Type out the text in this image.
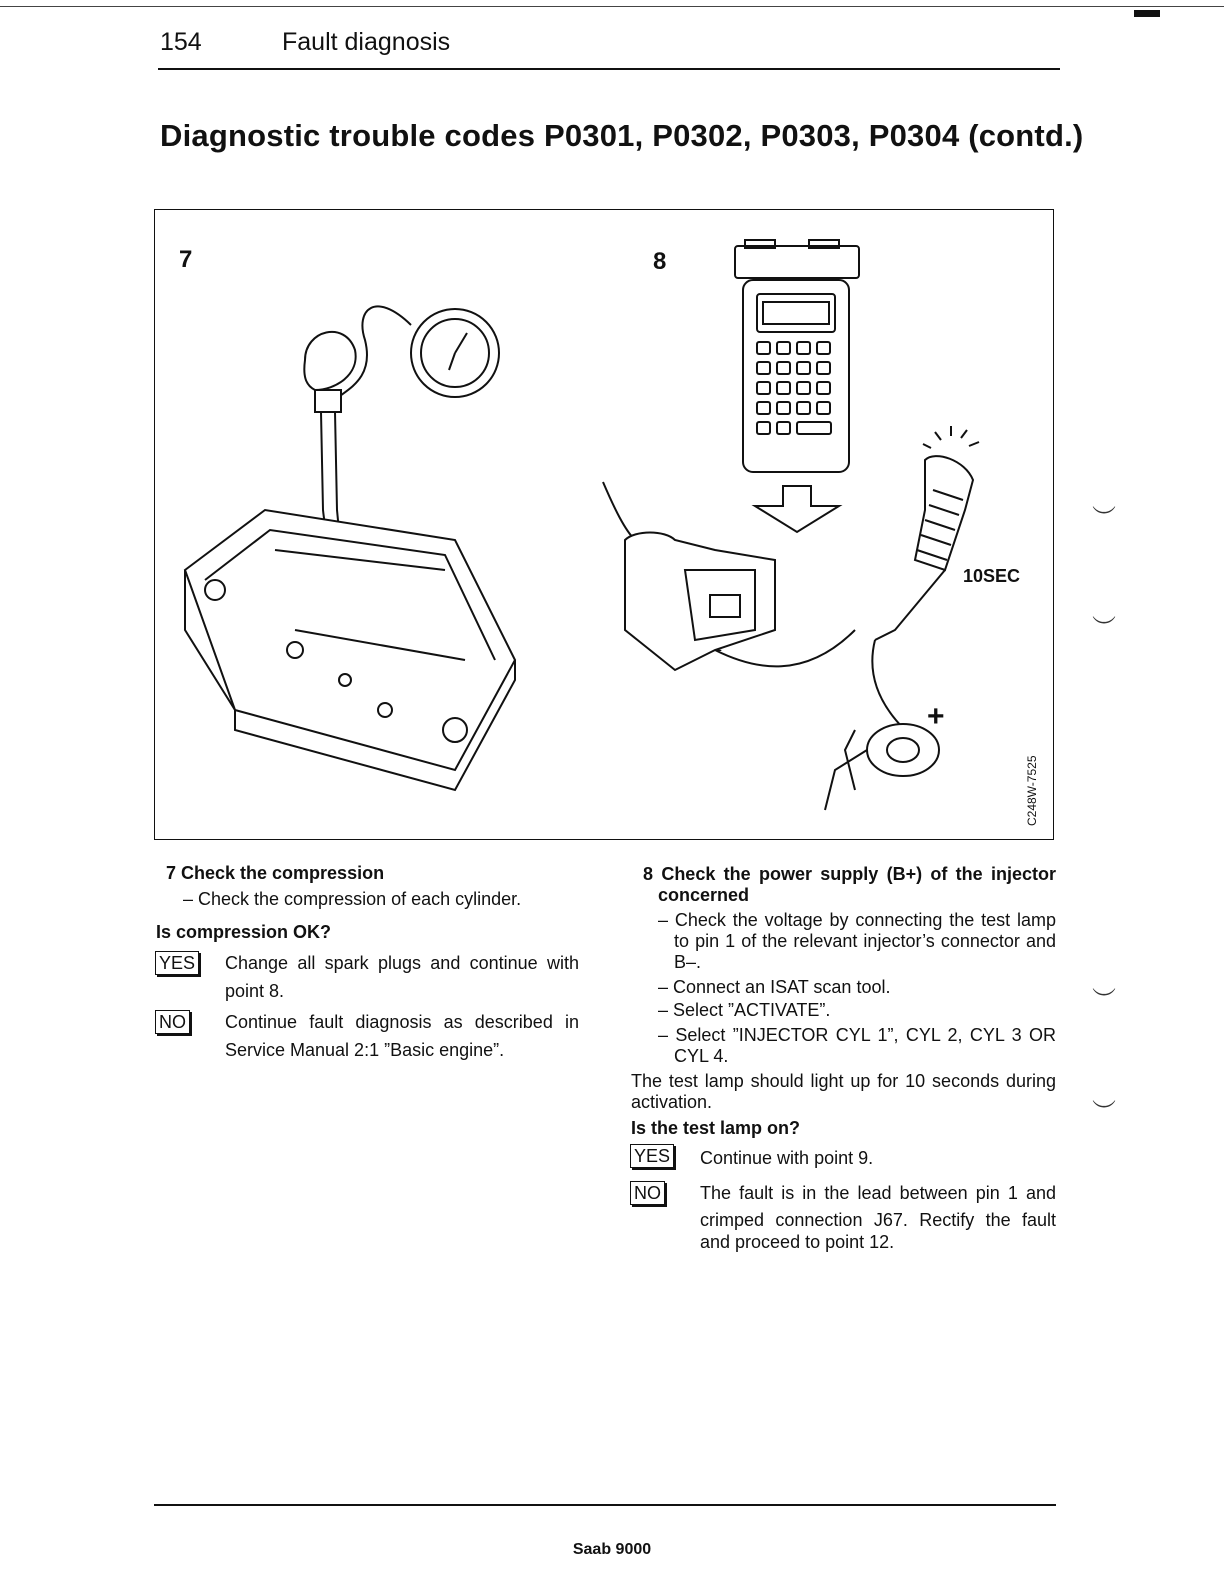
154	Fault diagnosis
Diagnostic trouble codes P0301, P0302, P0303, P0304 (contd.)
7	8
10SEC
+
C248W-7525
︶
︶
︶
︶
7 Check the compression
– Check the compression of each cylinder.
Is compression OK?
YES Change all spark plugs and continue with
point 8.
NO Continue fault diagnosis as described in
Service Manual 2:1 ”Basic engine”.
8 Check the power supply (B+) of the injector
concerned
– Check the voltage by connecting the test lamp
to pin 1 of the relevant injector’s connector and
B–.
– Connect an ISAT scan tool.
– Select ”ACTIVATE”.
– Select ”INJECTOR CYL 1”, CYL 2, CYL 3 OR
CYL 4.
The test lamp should light up for 10 seconds during
activation.
Is the test lamp on?
YES Continue with point 9.
NO The fault is in the lead between pin 1 and
crimped connection J67. Rectify the fault
and proceed to point 12.
Saab 9000
